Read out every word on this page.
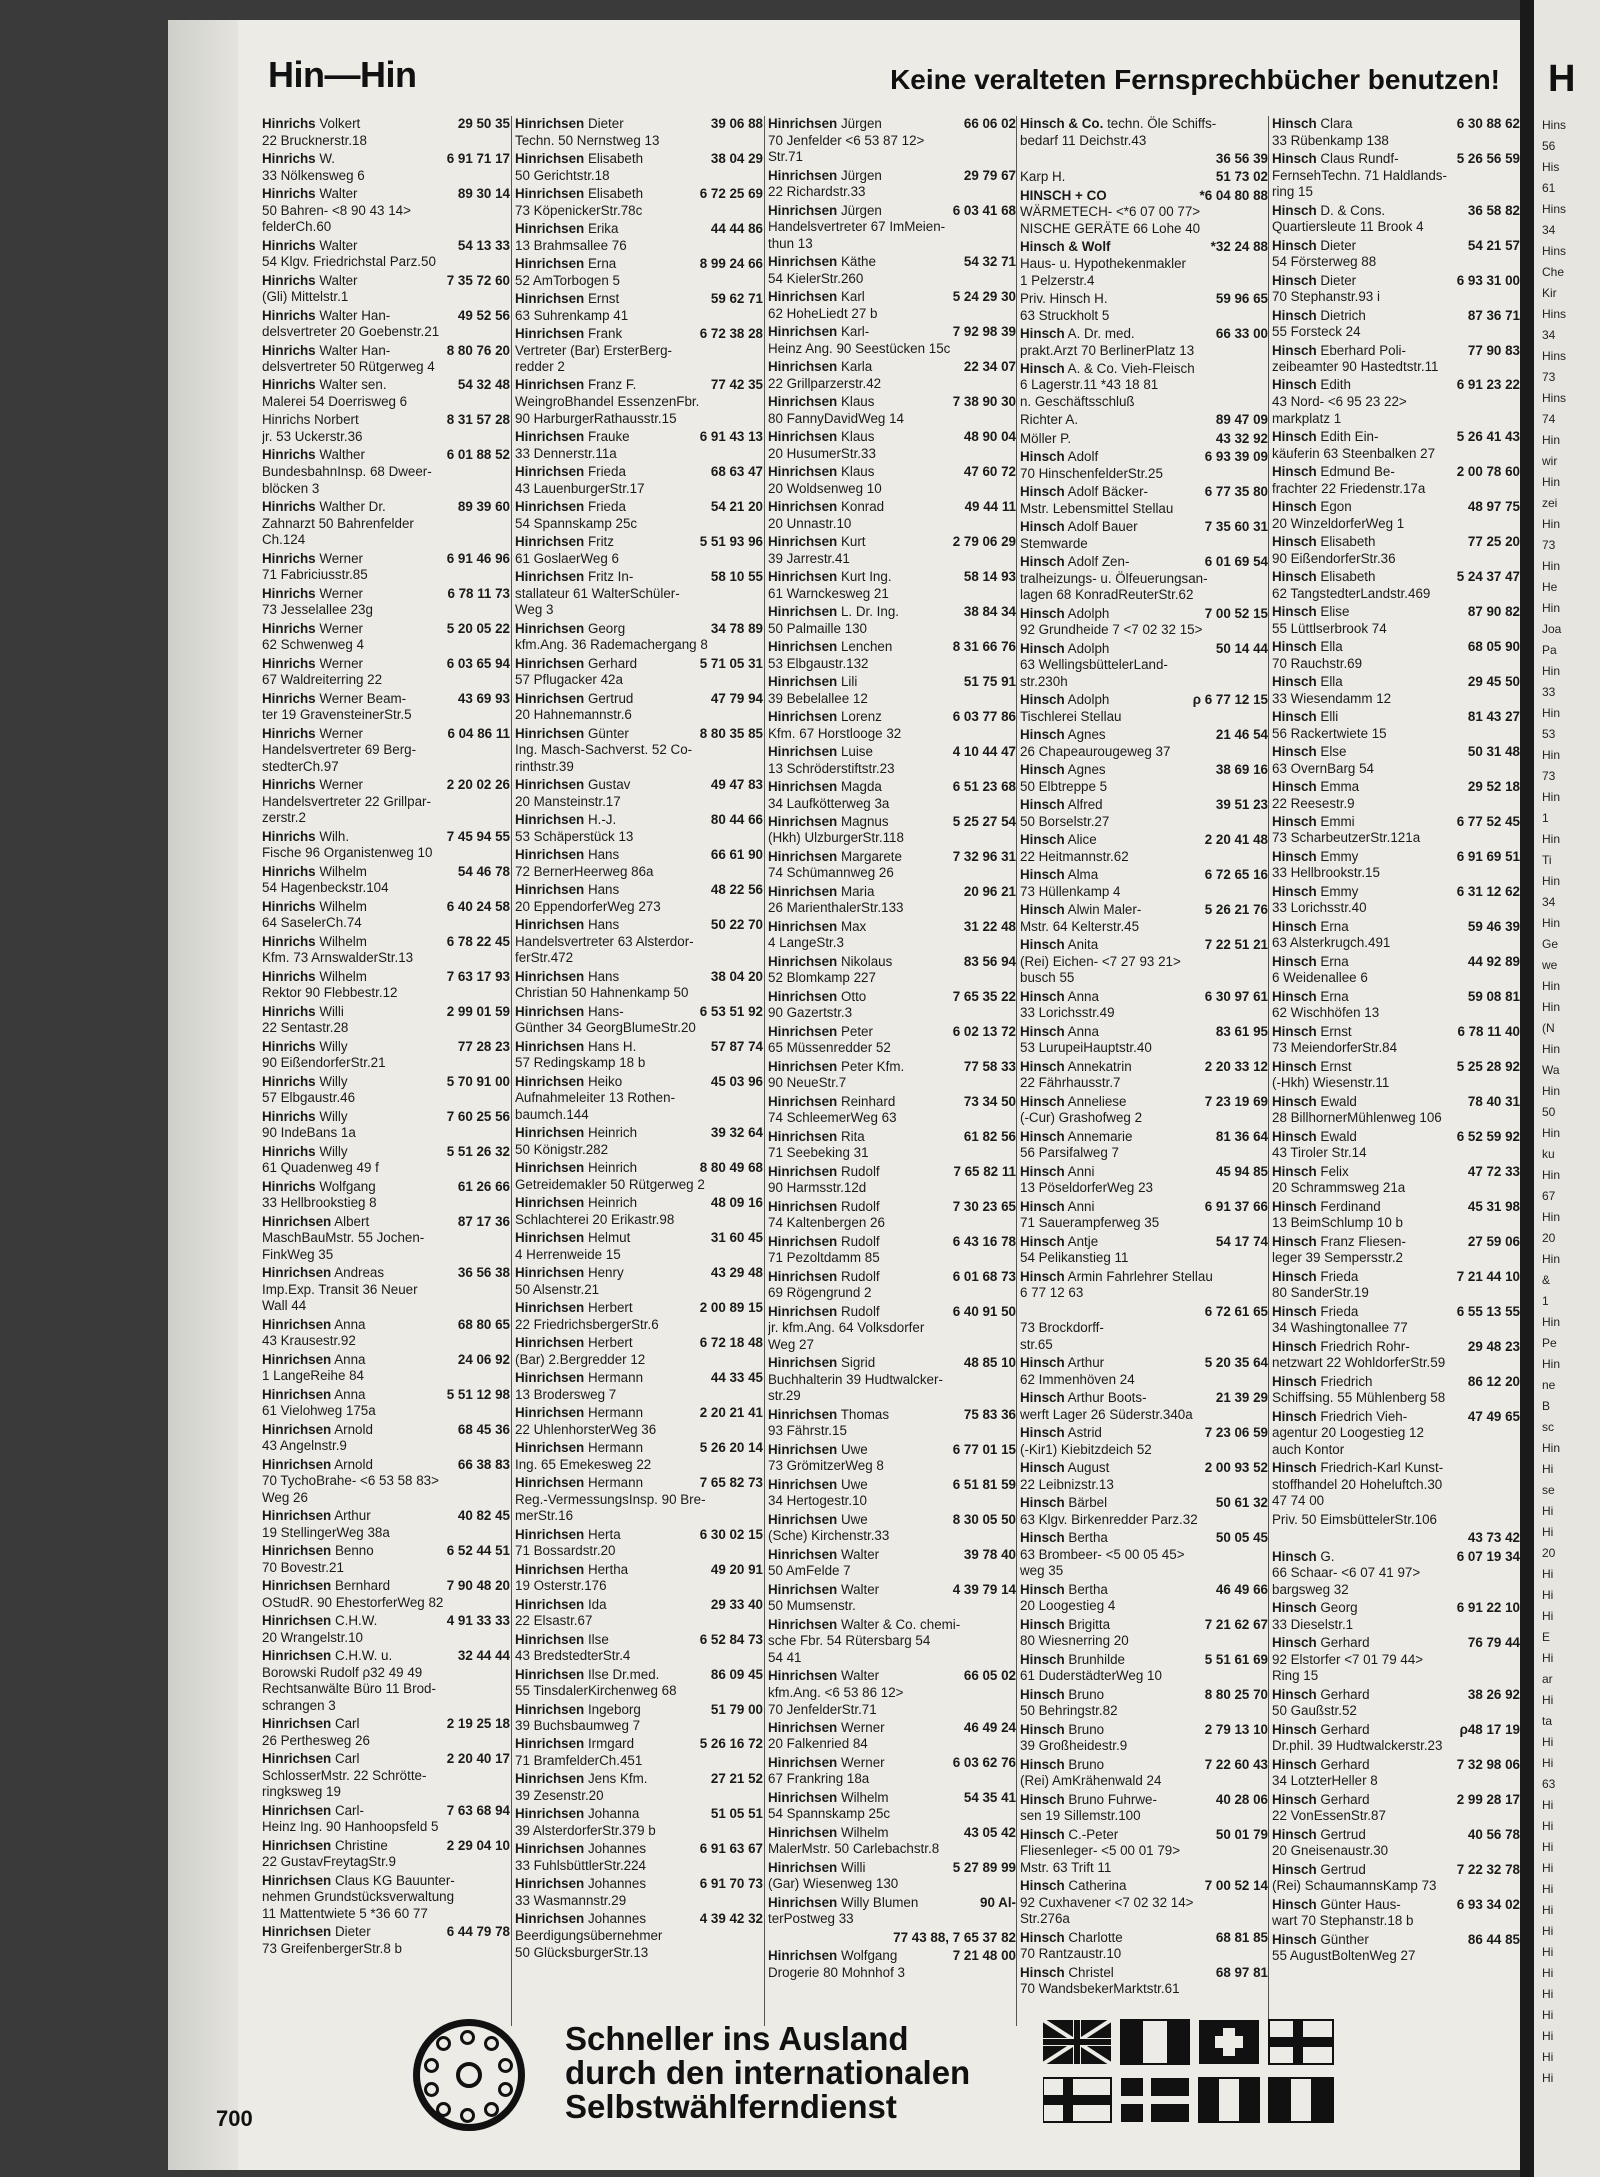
Hin—Hin	Keine veralteten Fernsprechbücher benutzen!
Hinrichs Volkert	29 50 35
22 Brucknerstr.18
Hinrichs W.	6 91 71 17
33 Nölkensweg 6
Hinrichs Walter	89 30 14
50 Bahren- <8 90 43 14>
felderCh.60
Hinrichs Walter	54 13 33
54 Klgv. Friedrichstal Parz.50
Hinrichs Walter	7 35 72 60
(Gli) Mittelstr.1
Hinrichs Walter Han-	49 52 56
delsvertreter 20 Goebenstr.21
Hinrichs Walter Han-	8 80 76 20
delsvertreter 50 Rütgerweg 4
Hinrichs Walter sen.	54 32 48
Malerei 54 Doerrisweg 6
Hinrichs Norbert	8 31 57 28
jr. 53 Uckerstr.36
Hinrichs Walther	6 01 88 52
BundesbahnInsp. 68 Dweer-
blöcken 3
Hinrichs Walther Dr.	89 39 60
Zahnarzt 50 Bahrenfelder
Ch.124
Hinrichs Werner	6 91 46 96
71 Fabriciusstr.85
Hinrichs Werner	6 78 11 73
73 Jesselallee 23g
Hinrichs Werner	5 20 05 22
62 Schwenweg 4
Hinrichs Werner	6 03 65 94
67 Waldreiterring 22
Hinrichs Werner Beam-	43 69 93
ter 19 GravensteinerStr.5
Hinrichs Werner	6 04 86 11
Handelsvertreter 69 Berg-
stedterCh.97
Hinrichs Werner	2 20 02 26
Handelsvertreter 22 Grillpar-
zerstr.2
Hinrichs Wilh.	7 45 94 55
Fische 96 Organistenweg 10
Hinrichs Wilhelm	54 46 78
54 Hagenbeckstr.104
Hinrichs Wilhelm	6 40 24 58
64 SaselerCh.74
Hinrichs Wilhelm	6 78 22 45
Kfm. 73 ArnswalderStr.13
Hinrichs Wilhelm	7 63 17 93
Rektor 90 Flebbestr.12
Hinrichs Willi	2 99 01 59
22 Sentastr.28
Hinrichs Willy	77 28 23
90 EißendorferStr.21
Hinrichs Willy	5 70 91 00
57 Elbgaustr.46
Hinrichs Willy	7 60 25 56
90 IndeBans 1a
Hinrichs Willy	5 51 26 32
61 Quadenweg 49 f
Hinrichs Wolfgang	61 26 66
33 Hellbrookstieg 8
Hinrichsen Albert	87 17 36
MaschBauMstr. 55 Jochen-
FinkWeg 35
Hinrichsen Andreas	36 56 38
Imp.Exp. Transit 36 Neuer
Wall 44
Hinrichsen Anna	68 80 65
43 Krausestr.92
Hinrichsen Anna	24 06 92
1 LangeReihe 84
Hinrichsen Anna	5 51 12 98
61 Vielohweg 175a
Hinrichsen Arnold	68 45 36
43 Angelnstr.9
Hinrichsen Arnold	66 38 83
70 TychoBrahe- <6 53 58 83>
Weg 26
Hinrichsen Arthur	40 82 45
19 StellingerWeg 38a
Hinrichsen Benno	6 52 44 51
70 Bovestr.21
Hinrichsen Bernhard	7 90 48 20
OStudR. 90 EhestorferWeg 82
Hinrichsen C.H.W.	4 91 33 33
20 Wrangelstr.10
Hinrichsen C.H.W. u.	32 44 44
Borowski Rudolf ρ32 49 49
Rechtsanwälte Büro 11 Brod-
schrangen 3
Hinrichsen Carl	2 19 25 18
26 Perthesweg 26
Hinrichsen Carl	2 20 40 17
SchlosserMstr. 22 Schrötte-
ringksweg 19
Hinrichsen Carl-	7 63 68 94
Heinz Ing. 90 Hanhoopsfeld 5
Hinrichsen Christine	2 29 04 10
22 GustavFreytagStr.9
Hinrichsen Claus KG Bauunter-
nehmen Grundstücksverwaltung
11 Mattentwiete 5 *36 60 77
Hinrichsen Dieter	6 44 79 78
73 GreifenbergerStr.8 b
Hinrichsen Dieter	39 06 88
Techn. 50 Nernstweg 13
Hinrichsen Elisabeth	38 04 29
50 Gerichtstr.18
Hinrichsen Elisabeth	6 72 25 69
73 KöpenickerStr.78c
Hinrichsen Erika	44 44 86
13 Brahmsallee 76
Hinrichsen Erna	8 99 24 66
52 AmTorbogen 5
Hinrichsen Ernst	59 62 71
63 Suhrenkamp 41
Hinrichsen Frank	6 72 38 28
Vertreter (Bar) ErsterBerg-
redder 2
Hinrichsen Franz F.	77 42 35
WeingroBhandel EssenzenFbr.
90 HarburgerRathausstr.15
Hinrichsen Frauke	6 91 43 13
33 Dennerstr.11a
Hinrichsen Frieda	68 63 47
43 LauenburgerStr.17
Hinrichsen Frieda	54 21 20
54 Spannskamp 25c
Hinrichsen Fritz	5 51 93 96
61 GoslaerWeg 6
Hinrichsen Fritz In-	58 10 55
stallateur 61 WalterSchüler-
Weg 3
Hinrichsen Georg	34 78 89
kfm.Ang. 36 Rademachergang 8
Hinrichsen Gerhard	5 71 05 31
57 Pflugacker 42a
Hinrichsen Gertrud	47 79 94
20 Hahnemannstr.6
Hinrichsen Günter	8 80 35 85
Ing. Masch-Sachverst. 52 Co-
rinthstr.39
Hinrichsen Gustav	49 47 83
20 Mansteinstr.17
Hinrichsen H.-J.	80 44 66
53 Schäperstück 13
Hinrichsen Hans	66 61 90
72 BernerHeerweg 86a
Hinrichsen Hans	48 22 56
20 EppendorferWeg 273
Hinrichsen Hans	50 22 70
Handelsvertreter 63 Alsterdor-
ferStr.472
Hinrichsen Hans	38 04 20
Christian 50 Hahnenkamp 50
Hinrichsen Hans-	6 53 51 92
Günther 34 GeorgBlumeStr.20
Hinrichsen Hans H.	57 87 74
57 Redingskamp 18 b
Hinrichsen Heiko	45 03 96
Aufnahmeleiter 13 Rothen-
baumch.144
Hinrichsen Heinrich	39 32 64
50 Königstr.282
Hinrichsen Heinrich	8 80 49 68
Getreidemakler 50 Rütgerweg 2
Hinrichsen Heinrich	48 09 16
Schlachterei 20 Erikastr.98
Hinrichsen Helmut	31 60 45
4 Herrenweide 15
Hinrichsen Henry	43 29 48
50 Alsenstr.21
Hinrichsen Herbert	2 00 89 15
22 FriedrichsbergerStr.6
Hinrichsen Herbert	6 72 18 48
(Bar) 2.Bergredder 12
Hinrichsen Hermann	44 33 45
13 Brodersweg 7
Hinrichsen Hermann	2 20 21 41
22 UhlenhorsterWeg 36
Hinrichsen Hermann	5 26 20 14
Ing. 65 Emekesweg 22
Hinrichsen Hermann	7 65 82 73
Reg.-VermessungsInsp. 90 Bre-
merStr.16
Hinrichsen Herta	6 30 02 15
71 Bossardstr.20
Hinrichsen Hertha	49 20 91
19 Osterstr.176
Hinrichsen Ida	29 33 40
22 Elsastr.67
Hinrichsen Ilse	6 52 84 73
43 BredstedterStr.4
Hinrichsen Ilse Dr.med.	86 09 45
55 TinsdalerKirchenweg 68
Hinrichsen Ingeborg	51 79 00
39 Buchsbaumweg 7
Hinrichsen Irmgard	5 26 16 72
71 BramfelderCh.451
Hinrichsen Jens Kfm.	27 21 52
39 Zesenstr.20
Hinrichsen Johanna	51 05 51
39 AlsterdorferStr.379 b
Hinrichsen Johannes	6 91 63 67
33 FuhlsbüttlerStr.224
Hinrichsen Johannes	6 91 70 73
33 Wasmannstr.29
Hinrichsen Johannes	4 39 42 32
Beerdigungsübernehmer
50 GlücksburgerStr.13
Hinrichsen Jürgen	66 06 02
70 Jenfelder <6 53 87 12>
Str.71
Hinrichsen Jürgen	29 79 67
22 Richardstr.33
Hinrichsen Jürgen	6 03 41 68
Handelsvertreter 67 ImMeien-
thun 13
Hinrichsen Käthe	54 32 71
54 KielerStr.260
Hinrichsen Karl	5 24 29 30
62 HoheLiedt 27 b
Hinrichsen Karl-	7 92 98 39
Heinz Ang. 90 Seestücken 15c
Hinrichsen Karla	22 34 07
22 Grillparzerstr.42
Hinrichsen Klaus	7 38 90 30
80 FannyDavidWeg 14
Hinrichsen Klaus	48 90 04
20 HusumerStr.33
Hinrichsen Klaus	47 60 72
20 Woldsenweg 10
Hinrichsen Konrad	49 44 11
20 Unnastr.10
Hinrichsen Kurt	2 79 06 29
39 Jarrestr.41
Hinrichsen Kurt Ing.	58 14 93
61 Warnckesweg 21
Hinrichsen L. Dr. Ing.	38 84 34
50 Palmaille 130
Hinrichsen Lenchen	8 31 66 76
53 Elbgaustr.132
Hinrichsen Lili	51 75 91
39 Bebelallee 12
Hinrichsen Lorenz	6 03 77 86
Kfm. 67 Horstlooge 32
Hinrichsen Luise	4 10 44 47
13 Schröderstiftstr.23
Hinrichsen Magda	6 51 23 68
34 Laufkötterweg 3a
Hinrichsen Magnus	5 25 27 54
(Hkh) UlzburgerStr.118
Hinrichsen Margarete	7 32 96 31
74 Schümannweg 26
Hinrichsen Maria	20 96 21
26 MarienthalerStr.133
Hinrichsen Max	31 22 48
4 LangeStr.3
Hinrichsen Nikolaus	83 56 94
52 Blomkamp 227
Hinrichsen Otto	7 65 35 22
90 Gazertstr.3
Hinrichsen Peter	6 02 13 72
65 Müssenredder 52
Hinrichsen Peter Kfm.	77 58 33
90 NeueStr.7
Hinrichsen Reinhard	73 34 50
74 SchleemerWeg 63
Hinrichsen Rita	61 82 56
71 Seebeking 31
Hinrichsen Rudolf	7 65 82 11
90 Harmsstr.12d
Hinrichsen Rudolf	7 30 23 65
74 Kaltenbergen 26
Hinrichsen Rudolf	6 43 16 78
71 Pezoltdamm 85
Hinrichsen Rudolf	6 01 68 73
69 Rögengrund 2
Hinrichsen Rudolf	6 40 91 50
jr. kfm.Ang. 64 Volksdorfer
Weg 27
Hinrichsen Sigrid	48 85 10
Buchhalterin 39 Hudtwalcker-
str.29
Hinrichsen Thomas	75 83 36
93 Fährstr.15
Hinrichsen Uwe	6 77 01 15
73 GrömitzerWeg 8
Hinrichsen Uwe	6 51 81 59
34 Hertogestr.10
Hinrichsen Uwe	8 30 05 50
(Sche) Kirchenstr.33
Hinrichsen Walter	39 78 40
50 AmFelde 7
Hinrichsen Walter	4 39 79 14
50 Mumsenstr.
Hinrichsen Walter & Co. chemi-
sche Fbr. 54 Rütersbarg 54
54 41
Hinrichsen Walter	66 05 02
kfm.Ang. <6 53 86 12>
70 JenfelderStr.71
Hinrichsen Werner	46 49 24
20 Falkenried 84
Hinrichsen Werner	6 03 62 76
67 Frankring 18a
Hinrichsen Wilhelm	54 35 41
54 Spannskamp 25c
Hinrichsen Wilhelm	43 05 42
MalerMstr. 50 Carlebachstr.8
Hinrichsen Willi	5 27 89 99
(Gar) Wiesenweg 130
Hinrichsen Willy Blumen	90 Al-
terPostweg 33
77 43 88, 7 65 37 82
Hinrichsen Wolfgang	7 21 48 00
Drogerie 80 Mohnhof 3
Hinsch & Co. techn. Öle Schiffs-
bedarf 11 Deichstr.43
36 56 39
Karp H.	51 73 02
HINSCH + CO	*6 04 80 88
WÄRMETECH- <*6 07 00 77>
NISCHE GERÄTE 66 Lohe 40
Hinsch & Wolf	*32 24 88
Haus- u. Hypothekenmakler
1 Pelzerstr.4
Priv. Hinsch H.	59 96 65
63 Struckholt 5
Hinsch A. Dr. med.	66 33 00
prakt.Arzt 70 BerlinerPlatz 13
Hinsch A. & Co. Vieh-Fleisch
6 Lagerstr.11 *43 18 81
n. Geschäftsschluß
Richter A.	89 47 09
Möller P.	43 32 92
Hinsch Adolf	6 93 39 09
70 HinschenfelderStr.25
Hinsch Adolf Bäcker-	6 77 35 80
Mstr. Lebensmittel Stellau
Hinsch Adolf Bauer	7 35 60 31
Stemwarde
Hinsch Adolf Zen-	6 01 69 54
tralheizungs- u. Ölfeuerungsan-
lagen 68 KonradReuterStr.62
Hinsch Adolph	7 00 52 15
92 Grundheide 7 <7 02 32 15>
Hinsch Adolph	50 14 44
63 WellingsbüttelerLand-
str.230h
Hinsch Adolph	ρ 6 77 12 15
Tischlerei Stellau
Hinsch Agnes	21 46 54
26 Chapeaurougeweg 37
Hinsch Agnes	38 69 16
50 Elbtreppe 5
Hinsch Alfred	39 51 23
50 Borselstr.27
Hinsch Alice	2 20 41 48
22 Heitmannstr.62
Hinsch Alma	6 72 65 16
73 Hüllenkamp 4
Hinsch Alwin Maler-	5 26 21 76
Mstr. 64 Kelterstr.45
Hinsch Anita	7 22 51 21
(Rei) Eichen- <7 27 93 21>
busch 55
Hinsch Anna	6 30 97 61
33 Lorichsstr.49
Hinsch Anna	83 61 95
53 LurupeiHauptstr.40
Hinsch Annekatrin	2 20 33 12
22 Fährhausstr.7
Hinsch Anneliese	7 23 19 69
(-Cur) Grashofweg 2
Hinsch Annemarie	81 36 64
56 Parsifalweg 7
Hinsch Anni	45 94 85
13 PöseldorferWeg 23
Hinsch Anni	6 91 37 66
71 Sauerampferweg 35
Hinsch Antje	54 17 74
54 Pelikanstieg 11
Hinsch Armin Fahrlehrer Stellau
6 77 12 63
6 72 61 65
73 Brockdorff-
str.65
Hinsch Arthur	5 20 35 64
62 Immenhöven 24
Hinsch Arthur Boots-	21 39 29
werft Lager 26 Süderstr.340a
Hinsch Astrid	7 23 06 59
(-Kir1) Kiebitzdeich 52
Hinsch August	2 00 93 52
22 Leibnizstr.13
Hinsch Bärbel	50 61 32
63 Klgv. Birkenredder Parz.32
Hinsch Bertha	50 05 45
63 Brombeer- <5 00 05 45>
weg 35
Hinsch Bertha	46 49 66
20 Loogestieg 4
Hinsch Brigitta	7 21 62 67
80 Wiesnerring 20
Hinsch Brunhilde	5 51 61 69
61 DuderstädterWeg 10
Hinsch Bruno	8 80 25 70
50 Behringstr.82
Hinsch Bruno	2 79 13 10
39 Großheidestr.9
Hinsch Bruno	7 22 60 43
(Rei) AmKrähenwald 24
Hinsch Bruno Fuhrwe-	40 28 06
sen 19 Sillemstr.100
Hinsch C.-Peter	50 01 79
Fliesenleger- <5 00 01 79>
Mstr. 63 Trift 11
Hinsch Catherina	7 00 52 14
92 Cuxhavener <7 02 32 14>
Str.276a
Hinsch Charlotte	68 81 85
70 Rantzaustr.10
Hinsch Christel	68 97 81
70 WandsbekerMarktstr.61
Hinsch Clara	6 30 88 62
33 Rübenkamp 138
Hinsch Claus Rundf-	5 26 56 59
FernsehTechn. 71 Haldlands-
ring 15
Hinsch D. & Cons.	36 58 82
Quartiersleute 11 Brook 4
Hinsch Dieter	54 21 57
54 Försterweg 88
Hinsch Dieter	6 93 31 00
70 Stephanstr.93 i
Hinsch Dietrich	87 36 71
55 Forsteck 24
Hinsch Eberhard Poli-	77 90 83
zeibeamter 90 Hastedtstr.11
Hinsch Edith	6 91 23 22
43 Nord- <6 95 23 22>
markplatz 1
Hinsch Edith Ein-	5 26 41 43
käuferin 63 Steenbalken 27
Hinsch Edmund Be-	2 00 78 60
frachter 22 Friedenstr.17a
Hinsch Egon	48 97 75
20 WinzeldorferWeg 1
Hinsch Elisabeth	77 25 20
90 EißendorferStr.36
Hinsch Elisabeth	5 24 37 47
62 TangstedterLandstr.469
Hinsch Elise	87 90 82
55 Lüttlserbrook 74
Hinsch Ella	68 05 90
70 Rauchstr.69
Hinsch Ella	29 45 50
33 Wiesendamm 12
Hinsch Elli	81 43 27
56 Rackertwiete 15
Hinsch Else	50 31 48
63 OvernBarg 54
Hinsch Emma	29 52 18
22 Reesestr.9
Hinsch Emmi	6 77 52 45
73 ScharbeutzerStr.121a
Hinsch Emmy	6 91 69 51
33 Hellbrookstr.15
Hinsch Emmy	6 31 12 62
33 Lorichsstr.40
Hinsch Erna	59 46 39
63 Alsterkrugch.491
Hinsch Erna	44 92 89
6 Weidenallee 6
Hinsch Erna	59 08 81
62 Wischhöfen 13
Hinsch Ernst	6 78 11 40
73 MeiendorferStr.84
Hinsch Ernst	5 25 28 92
(-Hkh) Wiesenstr.11
Hinsch Ewald	78 40 31
28 BillhornerMühlenweg 106
Hinsch Ewald	6 52 59 92
43 Tiroler Str.14
Hinsch Felix	47 72 33
20 Schrammsweg 21a
Hinsch Ferdinand	45 31 98
13 BeimSchlump 10 b
Hinsch Franz Fliesen-	27 59 06
leger 39 Sempersstr.2
Hinsch Frieda	7 21 44 10
80 SanderStr.19
Hinsch Frieda	6 55 13 55
34 Washingtonallee 77
Hinsch Friedrich Rohr-	29 48 23
netzwart 22 WohldorferStr.59
Hinsch Friedrich	86 12 20
Schiffsing. 55 Mühlenberg 58
Hinsch Friedrich Vieh-	47 49 65
agentur 20 Loogestieg 12
auch Kontor
Hinsch Friedrich-Karl Kunst-
stoffhandel 20 Hoheluftch.30
47 74 00
Priv. 50 EimsbüttelerStr.106
43 73 42
Hinsch G.	6 07 19 34
66 Schaar- <6 07 41 97>
bargsweg 32
Hinsch Georg	6 91 22 10
33 Dieselstr.1
Hinsch Gerhard	76 79 44
92 Elstorfer <7 01 79 44>
Ring 15
Hinsch Gerhard	38 26 92
50 Gaußstr.52
Hinsch Gerhard	ρ48 17 19
Dr.phil. 39 Hudtwalckerstr.23
Hinsch Gerhard	7 32 98 06
34 LotzterHeller 8
Hinsch Gerhard	2 99 28 17
22 VonEssenStr.87
Hinsch Gertrud	40 56 78
20 Gneisenaustr.30
Hinsch Gertrud	7 22 32 78
(Rei) SchaumannsKamp 73
Hinsch Günter Haus-	6 93 34 02
wart 70 Stephanstr.18 b
Hinsch Günther	86 44 85
55 AugustBoltenWeg 27
Schneller ins Ausland
durch den internationalen
Selbstwählferndienst
700
H
Hins
56
His
61
Hins
34
Hins
Che
Kir
Hins
34
Hins
73
Hins
74
Hin
wir
Hin
zei
Hin
73
Hin
He
Hin
Joa
Pa
Hin
33
Hin
53
Hin
73
Hin
1
Hin
Ti
Hin
34
Hin
Ge
we
Hin
Hin
(N
Hin
Wa
Hin
50
Hin
ku
Hin
67
Hin
20
Hin
&
1
Hin
Pe
Hin
ne
B
sc
Hin
Hi
se
Hi
Hi
20
Hi
Hi
Hi
E
Hi
ar
Hi
ta
Hi
Hi
63
Hi
Hi
Hi
Hi
Hi
Hi
Hi
Hi
Hi
Hi
Hi
Hi
Hi
Hi
